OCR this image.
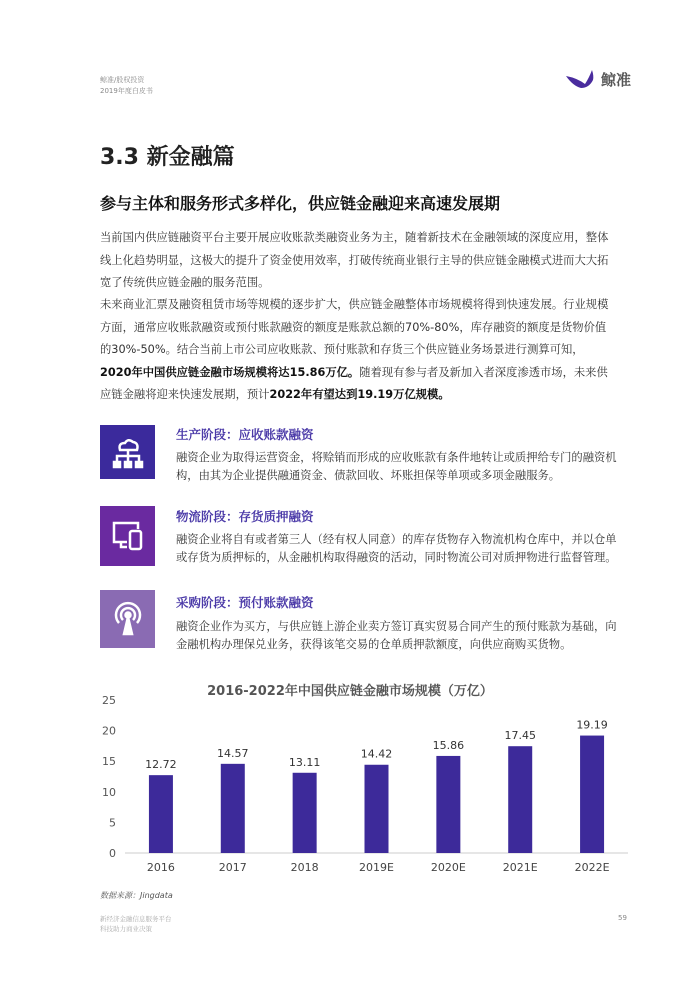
鲸准/股权投资
2019年度白皮书
鲸准
3.3 新金融篇
参与主体和服务形式多样化，供应链金融迎来高速发展期
当前国内供应链融资平台主要开展应收账款类融资业务为主，随着新技术在金融领域的深度应用，整体线上化趋势明显，这极大的提升了资金使用效率，打破传统商业银行主导的供应链金融模式进而大大拓宽了传统供应链金融的服务范围。
未来商业汇票及融资租赁市场等规模的逐步扩大，供应链金融整体市场规模将得到快速发展。行业规模方面，通常应收账款融资或预付账款融资的额度是账款总额的70%-80%，库存融资的额度是货物价值的30%-50%。结合当前上市公司应收账款、预付账款和存货三个供应链业务场景进行测算可知，2020年中国供应链金融市场规模将达15.86万亿。随着现有参与者及新加入者深度渗透市场，未来供应链金融将迎来快速发展期，预计2022年有望达到19.19万亿规模。
生产阶段：应收账款融资
融资企业为取得运营资金，将赊销而形成的应收账款有条件地转让或质押给专门的融资机构，由其为企业提供融通资金、债款回收、坏账担保等单项或多项金融服务。
物流阶段：存货质押融资
融资企业将自有或者第三人（经有权人同意）的库存货物存入物流机构仓库中，并以仓单或存货为质押标的，从金融机构取得融资的活动，同时物流公司对质押物进行监督管理。
采购阶段：预付账款融资
融资企业作为买方，与供应链上游企业卖方签订真实贸易合同产生的预付账款为基础，向金融机构办理保兑业务，获得该笔交易的仓单质押款额度，向供应商购买货物。
2016-2022年中国供应链金融市场规模（万亿）
0
5
10
15
20
25
12.72
2016
14.57
2017
13.11
2018
14.42
2019E
15.86
2020E
17.45
2021E
19.19
2022E
数据来源：Jingdata
新经济金融信息服务平台
科技助力商业决策
59
